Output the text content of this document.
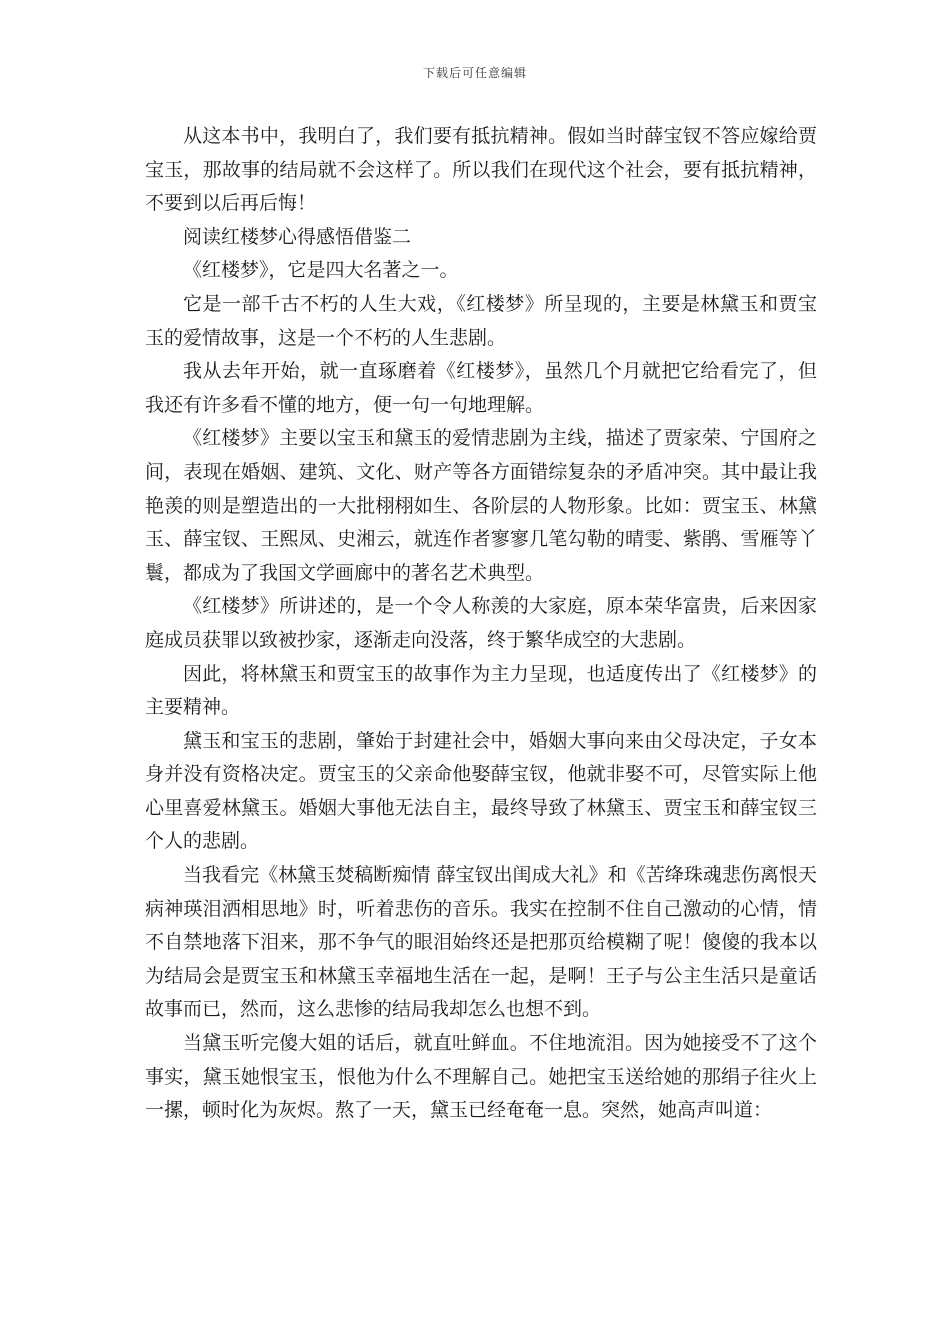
下载后可任意编辑

从这本书中，我明白了，我们要有抵抗精神。假如当时薛宝钗不答应嫁给贾宝玉，那故事的结局就不会这样了。所以我们在现代这个社会，要有抵抗精神，不要到以后再后悔！

阅读红楼梦心得感悟借鉴二

《红楼梦》，它是四大名著之一。

它是一部千古不朽的人生大戏，《红楼梦》所呈现的，主要是林黛玉和贾宝玉的爱情故事，这是一个不朽的人生悲剧。

我从去年开始，就一直琢磨着《红楼梦》，虽然几个月就把它给看完了，但我还有许多看不懂的地方，便一句一句地理解。

《红楼梦》主要以宝玉和黛玉的爱情悲剧为主线，描述了贾家荣、宁国府之间，表现在婚姻、建筑、文化、财产等各方面错综复杂的矛盾冲突。其中最让我艳羡的则是塑造出的一大批栩栩如生、各阶层的人物形象。比如：贾宝玉、林黛玉、薛宝钗、王熙凤、史湘云，就连作者寥寥几笔勾勒的晴雯、紫鹃、雪雁等丫鬟，都成为了我国文学画廊中的著名艺术典型。

《红楼梦》所讲述的，是一个令人称羡的大家庭，原本荣华富贵，后来因家庭成员获罪以致被抄家，逐渐走向没落，终于繁华成空的大悲剧。

因此，将林黛玉和贾宝玉的故事作为主力呈现，也适度传出了《红楼梦》的主要精神。

黛玉和宝玉的悲剧，肇始于封建社会中，婚姻大事向来由父母决定，子女本身并没有资格决定。贾宝玉的父亲命他娶薛宝钗，他就非娶不可，尽管实际上他心里喜爱林黛玉。婚姻大事他无法自主，最终导致了林黛玉、贾宝玉和薛宝钗三个人的悲剧。

当我看完《林黛玉焚稿断痴情 薛宝钗出闺成大礼》和《苦绛珠魂悲伤离恨天 病神瑛泪洒相思地》时，听着悲伤的音乐。我实在控制不住自己激动的心情，情不自禁地落下泪来，那不争气的眼泪始终还是把那页给模糊了呢！傻傻的我本以为结局会是贾宝玉和林黛玉幸福地生活在一起，是啊！王子与公主生活只是童话故事而已，然而，这么悲惨的结局我却怎么也想不到。

当黛玉听完傻大姐的话后，就直吐鲜血。不住地流泪。因为她接受不了这个事实，黛玉她恨宝玉，恨他为什么不理解自己。她把宝玉送给她的那绢子往火上一摞，顿时化为灰烬。熬了一天，黛玉已经奄奄一息。突然，她高声叫道：
